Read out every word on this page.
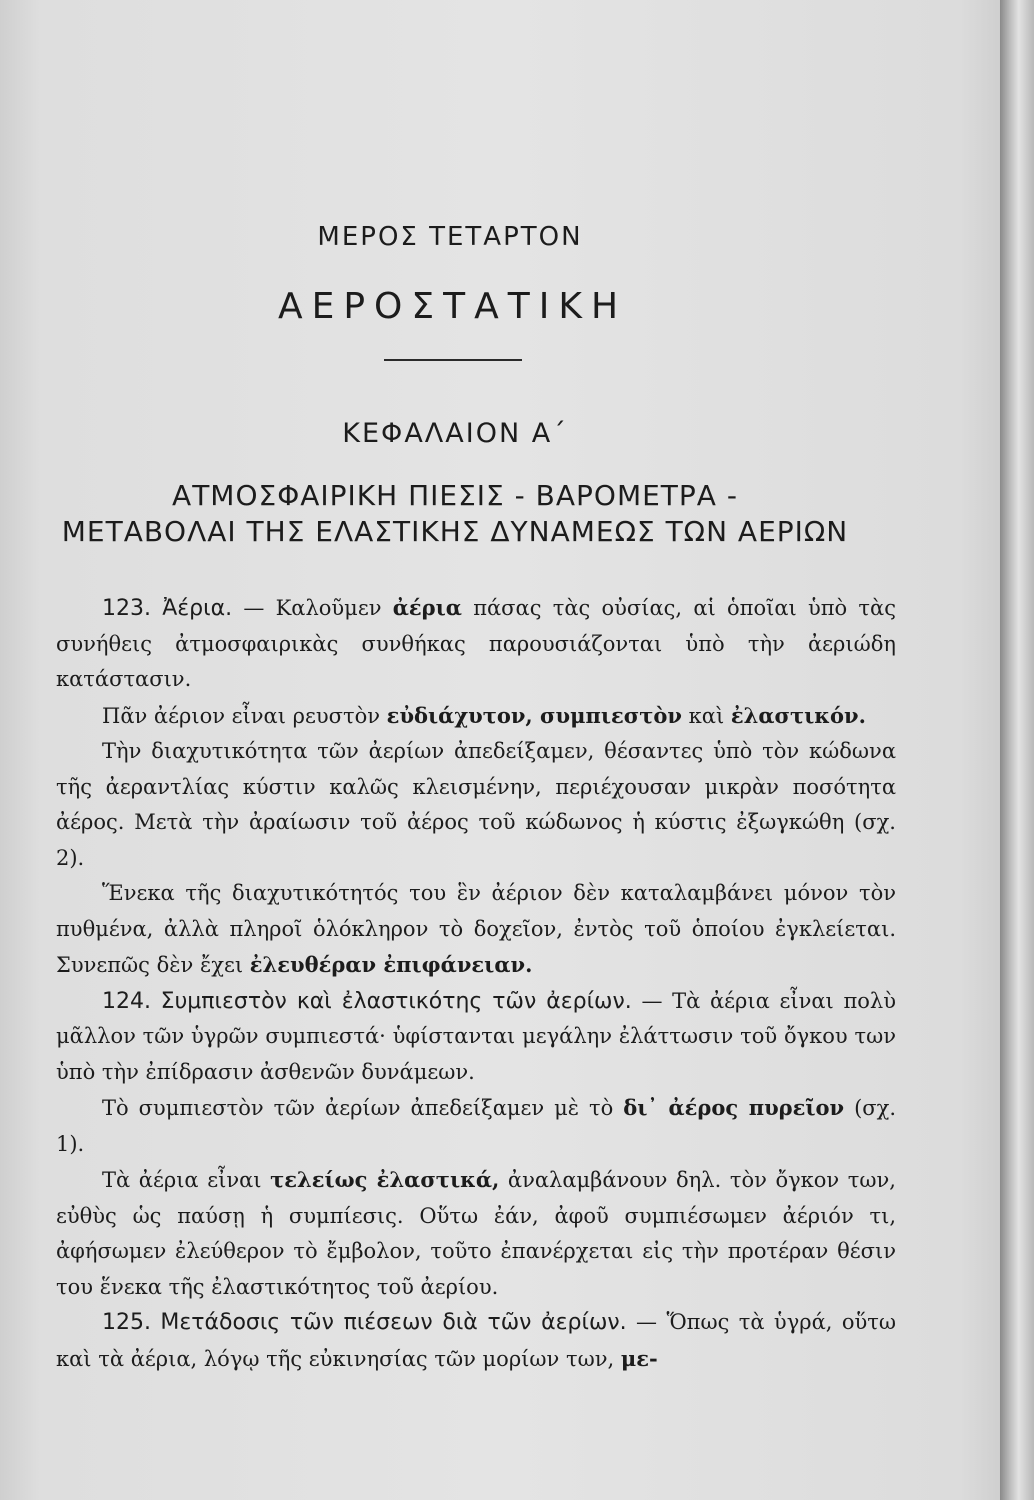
ΜΕΡΟΣ ΤΕΤΑΡΤΟΝ
ΑΕΡΟΣΤΑΤΙΚΗ
ΚΕΦΑΛΑΙΟΝ Α΄
ΑΤΜΟΣΦΑΙΡΙΚΗ ΠΙΕΣΙΣ - ΒΑΡΟΜΕΤΡΑ -
ΜΕΤΑΒΟΛΑΙ ΤΗΣ ΕΛΑΣΤΙΚΗΣ ΔΥΝΑΜΕΩΣ ΤΩΝ ΑΕΡΙΩΝ

123. Ἀέρια. — Καλοῦμεν ἀέρια πάσας τὰς οὐσίας, αἱ ὁποῖαι ὑπὸ τὰς συνήθεις ἀτμοσφαιρικὰς συνθήκας παρουσιάζονται ὑπὸ τὴν ἀεριώδη κατάστασιν.

Πᾶν ἀέριον εἶναι ρευστὸν εὐδιάχυτον, συμπιεστὸν καὶ ἐλαστικόν.

Τὴν διαχυτικότητα τῶν ἀερίων ἀπεδείξαμεν, θέσαντες ὑπὸ τὸν κώδωνα τῆς ἀεραντλίας κύστιν καλῶς κλεισμένην, περιέχουσαν μικρὰν ποσότητα ἀέρος. Μετὰ τὴν ἀραίωσιν τοῦ ἀέρος τοῦ κώδωνος ἡ κύστις ἐξωγκώθη (σχ. 2).

Ἕνεκα τῆς διαχυτικότητός του ἓν ἀέριον δὲν καταλαμβάνει μόνον τὸν πυθμένα, ἀλλὰ πληροῖ ὁλόκληρον τὸ δοχεῖον, ἐντὸς τοῦ ὁποίου ἐγκλείεται. Συνεπῶς δὲν ἔχει ἐλευθέραν ἐπιφάνειαν.

124. Συμπιεστὸν καὶ ἐλαστικότης τῶν ἀερίων. — Τὰ ἀέρια εἶναι πολὺ μᾶλλον τῶν ὑγρῶν συμπιεστά· ὑφίστανται μεγάλην ἐλάττωσιν τοῦ ὄγκου των ὑπὸ τὴν ἐπίδρασιν ἀσθενῶν δυνάμεων.

Τὸ συμπιεστὸν τῶν ἀερίων ἀπεδείξαμεν μὲ τὸ δι᾽ ἀέρος πυρεῖον (σχ. 1).

Τὰ ἀέρια εἶναι τελείως ἐλαστικά, ἀναλαμβάνουν δηλ. τὸν ὄγκον των, εὐθὺς ὡς παύσῃ ἡ συμπίεσις. Οὕτω ἐάν, ἀφοῦ συμπιέσωμεν ἀέριόν τι, ἀφήσωμεν ἐλεύθερον τὸ ἔμβολον, τοῦτο ἐπανέρχεται εἰς τὴν προτέραν θέσιν του ἕνεκα τῆς ἐλαστικότητος τοῦ ἀερίου.

125. Μετάδοσις τῶν πιέσεων διὰ τῶν ἀερίων. — Ὅπως τὰ ὑγρά, οὕτω καὶ τὰ ἀέρια, λόγῳ τῆς εὐκινησίας τῶν μορίων των, με-
